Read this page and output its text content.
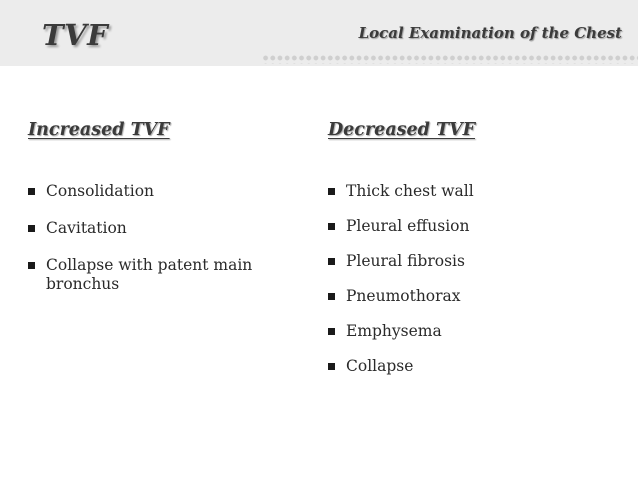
TVF	Local Examination of the Chest
Increased TVF
Consolidation
Cavitation
Collapse with patent main bronchus
Decreased TVF
Thick chest wall
Pleural effusion
Pleural fibrosis
Pneumothorax
Emphysema
Collapse
